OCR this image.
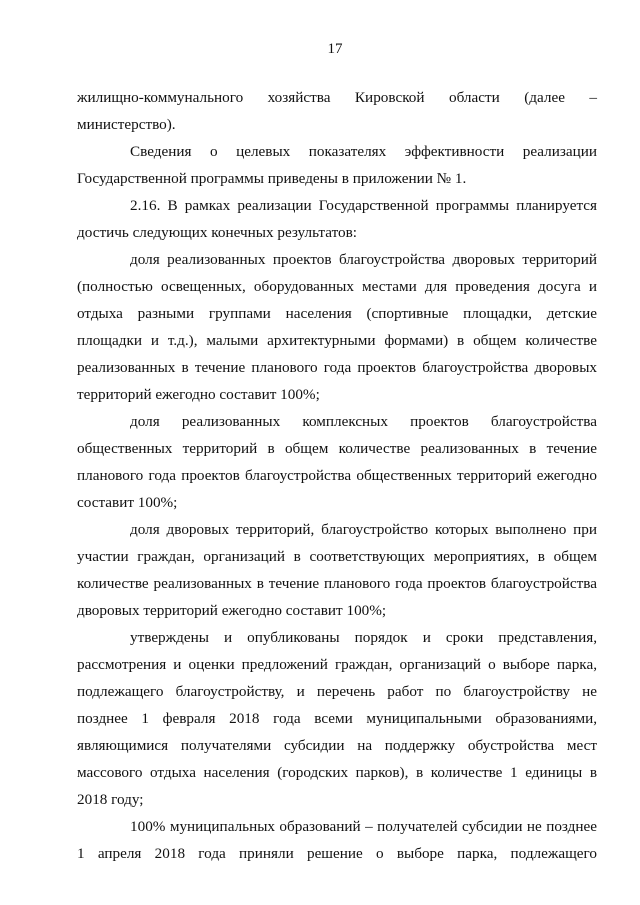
17

жилищно-коммунального хозяйства Кировской области (далее –
министерство).

Сведения о целевых показателях эффективности реализации
Государственной программы приведены в приложении № 1.

2.16. В рамках реализации Государственной программы планируется
достичь следующих конечных результатов:

доля реализованных проектов благоустройства дворовых территорий
(полностью освещенных, оборудованных местами для проведения досуга и
отдыха разными группами населения (спортивные площадки, детские
площадки и т.д.), малыми архитектурными формами) в общем количестве
реализованных в течение планового года проектов благоустройства дворовых
территорий ежегодно составит 100%;

доля реализованных комплексных проектов благоустройства
общественных территорий в общем количестве реализованных в течение
планового года проектов благоустройства общественных территорий ежегодно
составит 100%;

доля дворовых территорий, благоустройство которых выполнено при
участии граждан, организаций в соответствующих мероприятиях, в общем
количестве реализованных в течение планового года проектов благоустройства
дворовых территорий ежегодно составит 100%;

утверждены и опубликованы порядок и сроки представления,
рассмотрения и оценки предложений граждан, организаций о выборе парка,
подлежащего благоустройству, и перечень работ по благоустройству не
позднее 1 февраля 2018 года всеми муниципальными образованиями,
являющимися получателями субсидии на поддержку обустройства мест
массового отдыха населения (городских парков), в количестве 1 единицы в
2018 году;

100% муниципальных образований – получателей субсидии не позднее
1 апреля 2018 года приняли решение о выборе парка, подлежащего
